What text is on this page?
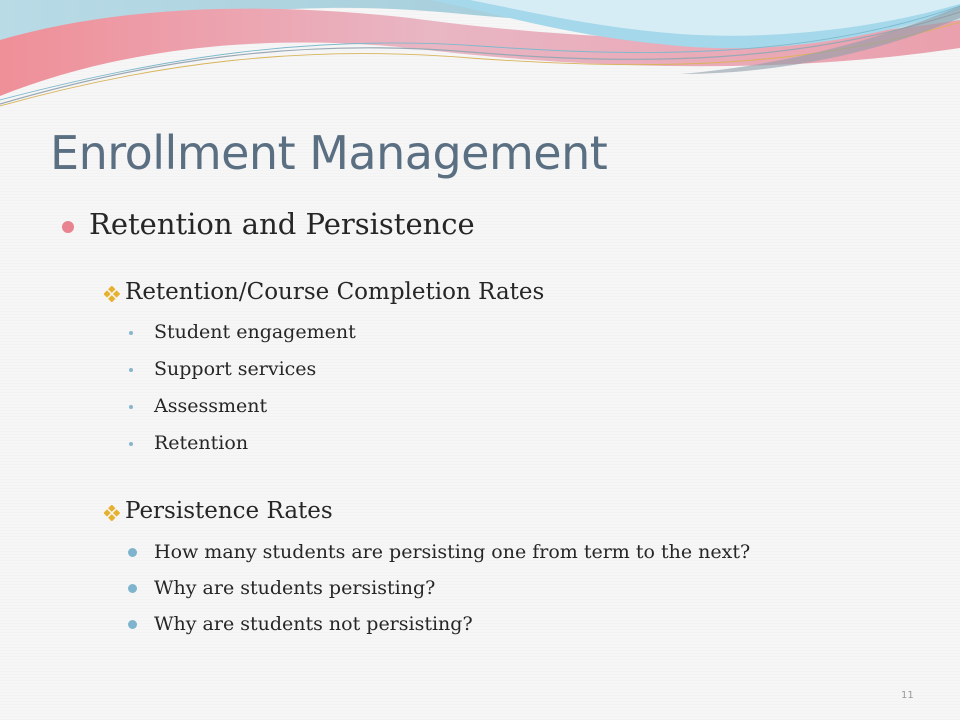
Enrollment Management
Retention and Persistence
Retention/Course Completion Rates
Student engagement
Support services
Assessment
Retention
Persistence Rates
How many students are persisting one from term to the next?
Why are students persisting?
Why are students not persisting?
11
